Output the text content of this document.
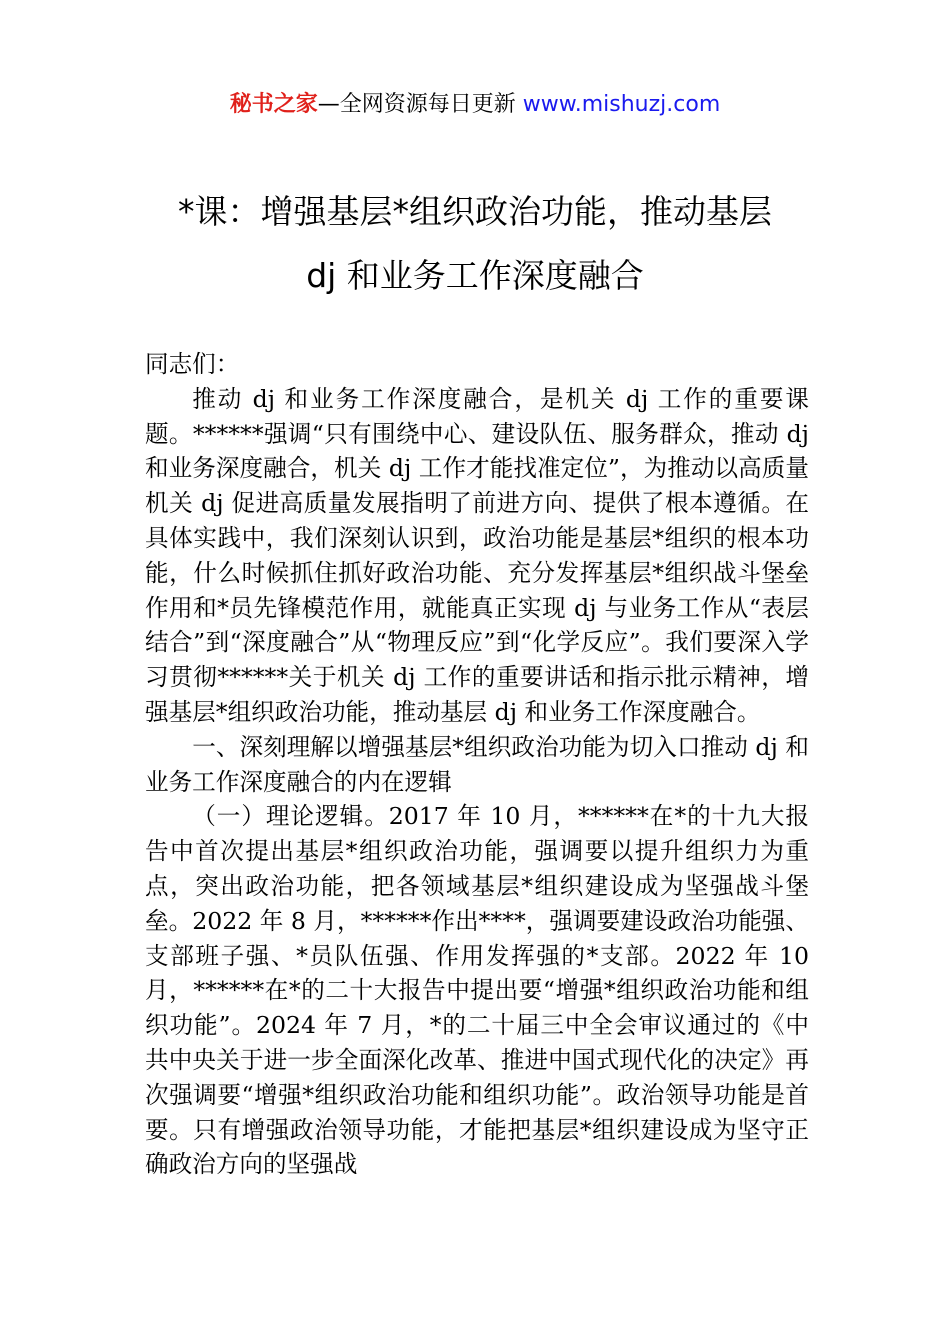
秘书之家—全网资源每日更新 www.mishuzj.com
*课：增强基层*组织政治功能，推动基层
dj 和业务工作深度融合

同志们：

推动 dj 和业务工作深度融合，是机关 dj 工作的重要课题。******强调“只有围绕中心、建设队伍、服务群众，推动 dj 和业务深度融合，机关 dj 工作才能找准定位”，为推动以高质量机关 dj 促进高质量发展指明了前进方向、提供了根本遵循。在具体实践中，我们深刻认识到，政治功能是基层*组织的根本功能，什么时候抓住抓好政治功能、充分发挥基层*组织战斗堡垒作用和*员先锋模范作用，就能真正实现 dj 与业务工作从“表层结合”到“深度融合”从“物理反应”到“化学反应”。我们要深入学习贯彻******关于机关 dj 工作的重要讲话和指示批示精神，增强基层*组织政治功能，推动基层 dj 和业务工作深度融合。

一、深刻理解以增强基层*组织政治功能为切入口推动 dj 和业务工作深度融合的内在逻辑

（一）理论逻辑。2017 年 10 月，******在*的十九大报告中首次提出基层*组织政治功能，强调要以提升组织力为重点，突出政治功能，把各领域基层*组织建设成为坚强战斗堡垒。2022 年 8 月，******作出****，强调要建设政治功能强、支部班子强、*员队伍强、作用发挥强的*支部。2022 年 10 月，******在*的二十大报告中提出要“增强*组织政治功能和组织功能”。2024 年 7 月，*的二十届三中全会审议通过的《中共中央关于进一步全面深化改革、推进中国式现代化的决定》再次强调要“增强*组织政治功能和组织功能”。政治领导功能是首要。只有增强政治领导功能，才能把基层*组织建设成为坚守正确政治方向的坚强战
